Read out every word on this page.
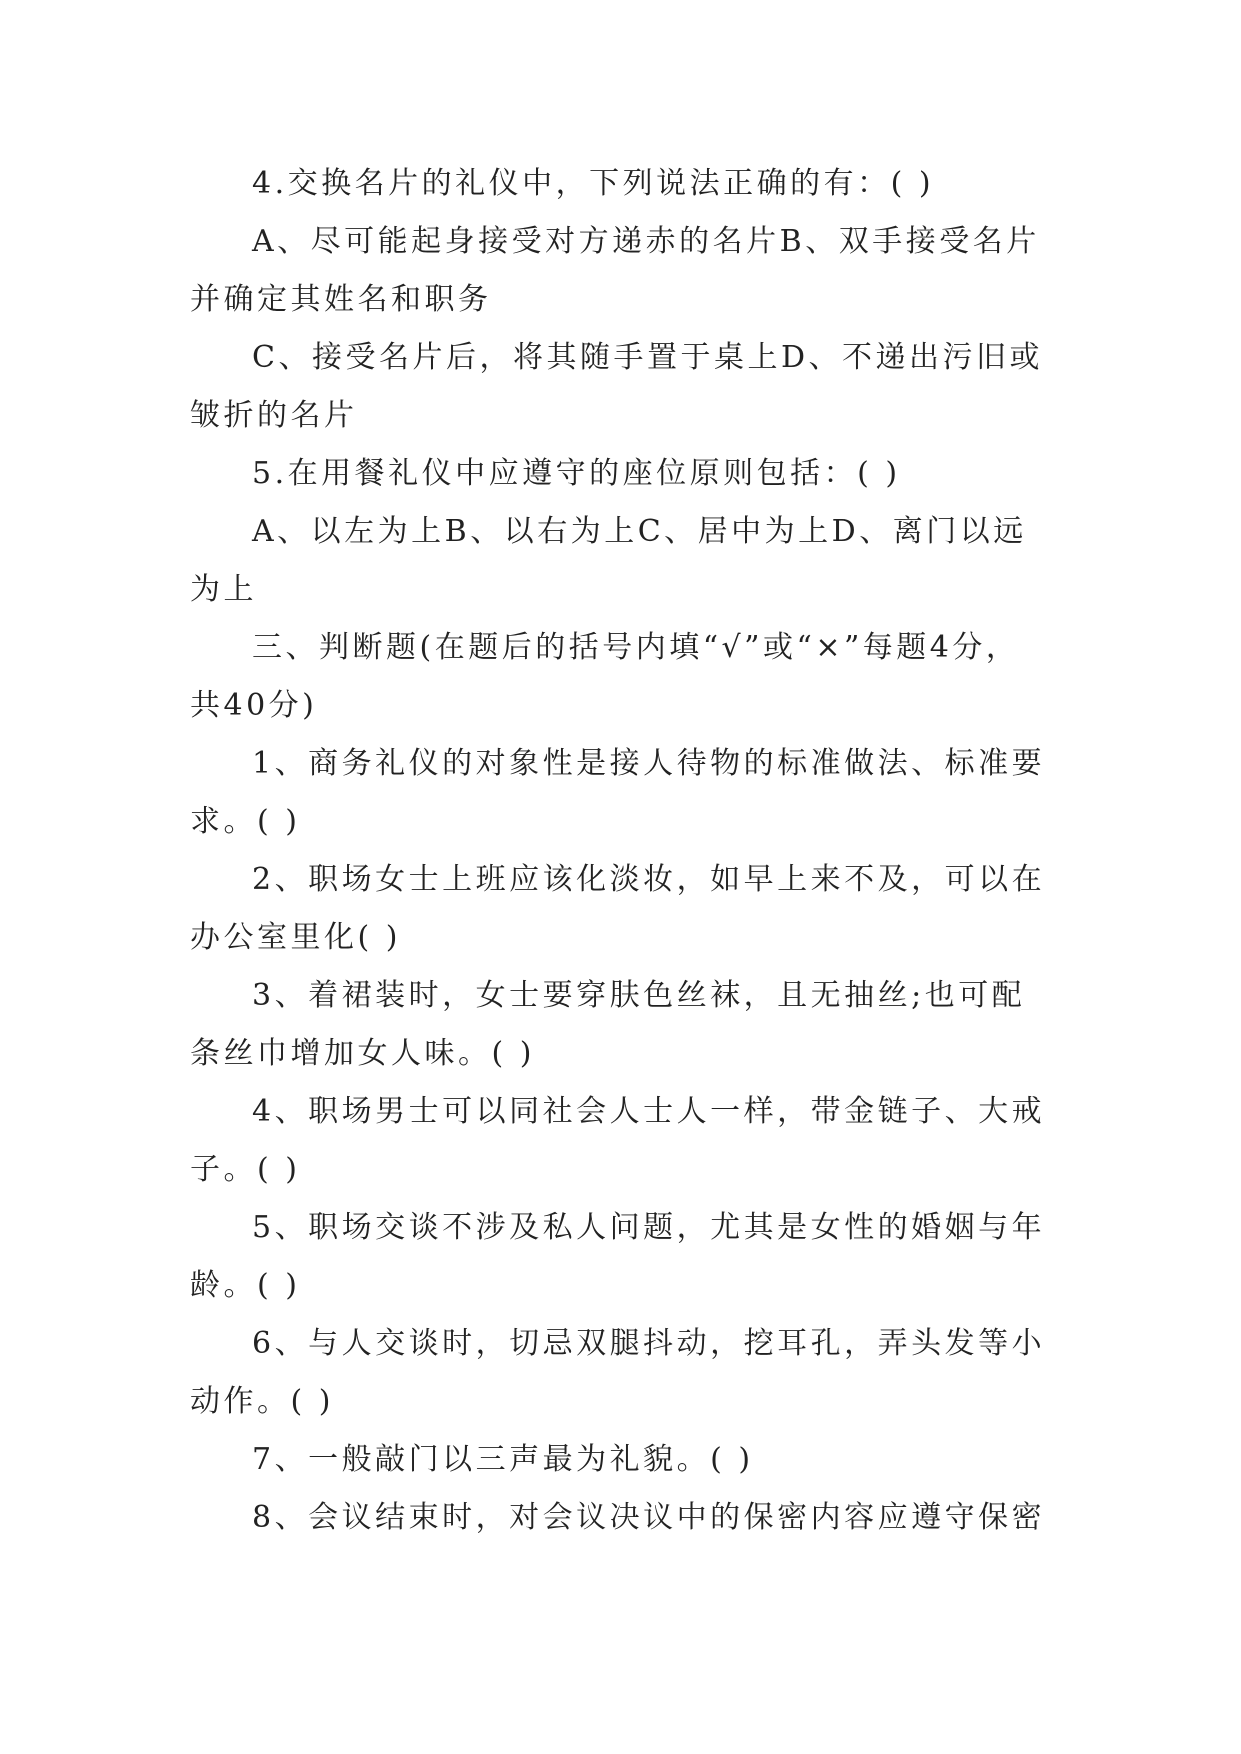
4.交换名片的礼仪中，下列说法正确的有：( )

A、尽可能起身接受对方递赤的名片B、双手接受名片并确定其姓名和职务

C、接受名片后，将其随手置于桌上D、不递出污旧或皱折的名片

5.在用餐礼仪中应遵守的座位原则包括：( )

A、以左为上B、以右为上C、居中为上D、离门以远为上

三、判断题(在题后的括号内填“√”或“×”每题4分，共40分)

1、商务礼仪的对象性是接人待物的标准做法、标准要求。( )

2、职场女士上班应该化淡妆，如早上来不及，可以在办公室里化( )

3、着裙装时，女士要穿肤色丝袜，且无抽丝;也可配条丝巾增加女人味。( )

4、职场男士可以同社会人士人一样，带金链子、大戒子。( )

5、职场交谈不涉及私人问题，尤其是女性的婚姻与年龄。( )

6、与人交谈时，切忌双腿抖动，挖耳孔，弄头发等小动作。( )

7、一般敲门以三声最为礼貌。( )

8、会议结束时，对会议决议中的保密内容应遵守保密
